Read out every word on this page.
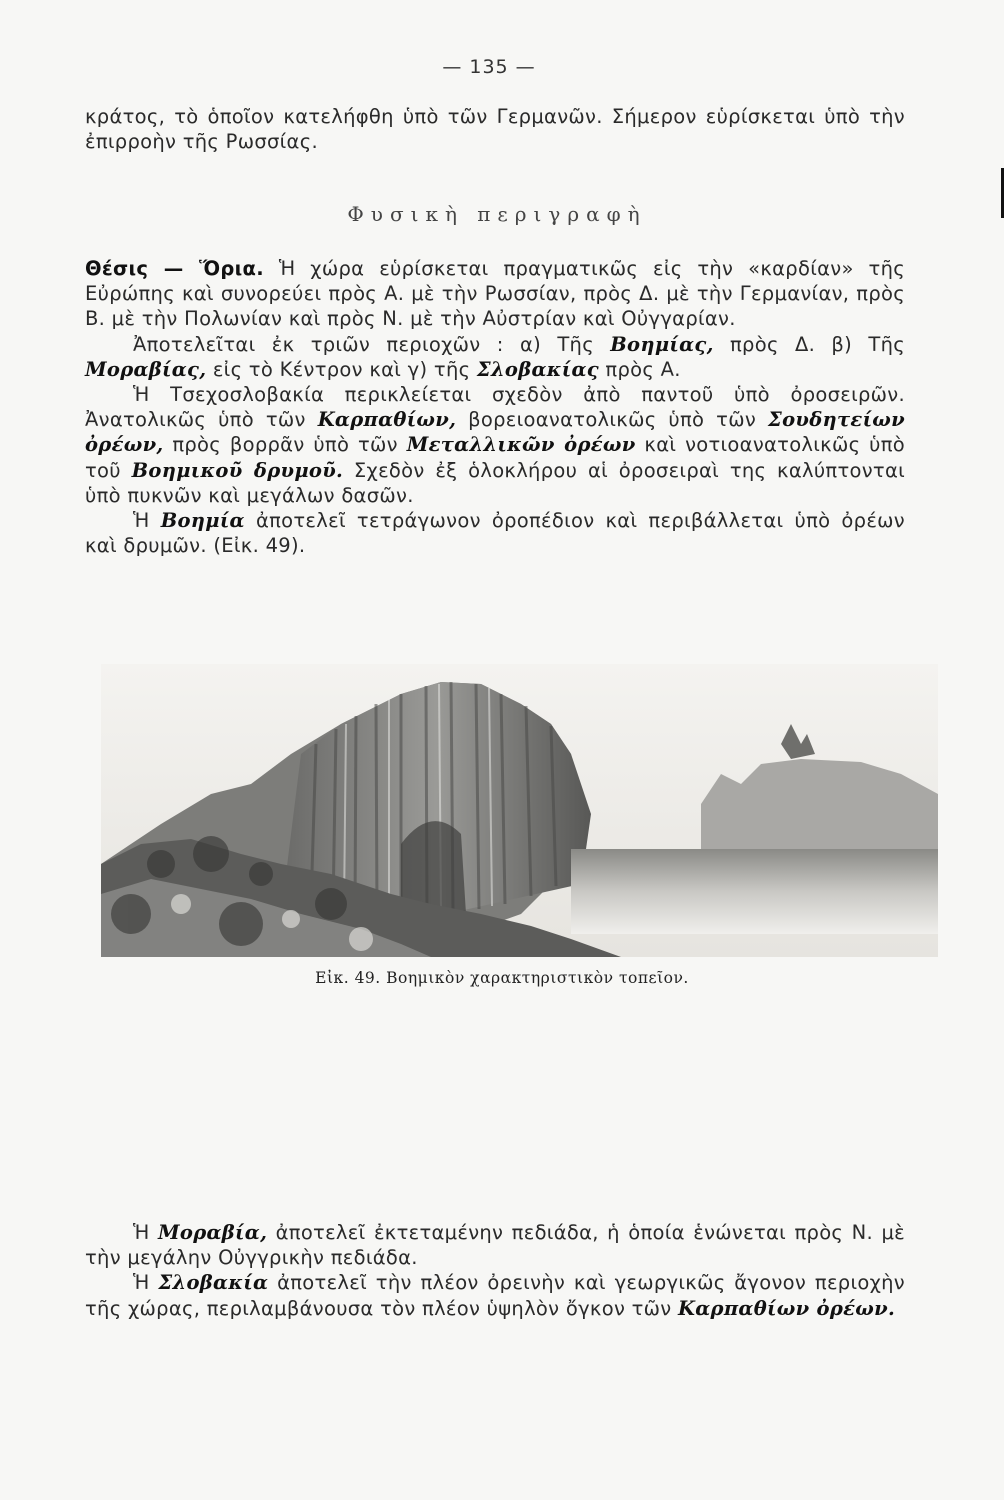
— 135 —

κράτος, τὸ ὁποῖον κατελήφθη ὑπὸ τῶν Γερμανῶν. Σήμερον εὑρίσκεται ὑπὸ τὴν ἐπιρροὴν τῆς Ρωσσίας.

Φυσικὴ περιγραφὴ

Θέσις — Ὅρια. Ἡ χώρα εὑρίσκεται πραγματικῶς εἰς τὴν «καρδίαν» τῆς Εὐρώπης καὶ συνορεύει πρὸς Α. μὲ τὴν Ρωσσίαν, πρὸς Δ. μὲ τὴν Γερμανίαν, πρὸς Β. μὲ τὴν Πολωνίαν καὶ πρὸς Ν. μὲ τὴν Αὐστρίαν καὶ Οὐγγαρίαν.

Ἀποτελεῖται ἐκ τριῶν περιοχῶν : α) Τῆς Βοημίας, πρὸς Δ. β) Τῆς Μοραβίας, εἰς τὸ Κέντρον καὶ γ) τῆς Σλοβακίας πρὸς Α.

Ἡ Τσεχοσλοβακία περικλείεται σχεδὸν ἀπὸ παντοῦ ὑπὸ ὀροσειρῶν. Ἀνατολικῶς ὑπὸ τῶν Καρπαθίων, βορειοανατολικῶς ὑπὸ τῶν Σουδητείων ὀρέων, πρὸς βορρᾶν ὑπὸ τῶν Μεταλλικῶν ὀρέων καὶ νοτιοανατολικῶς ὑπὸ τοῦ Βοημικοῦ δρυμοῦ. Σχεδὸν ἐξ ὁλοκλήρου αἱ ὀροσειραὶ της καλύπτονται ὑπὸ πυκνῶν καὶ μεγάλων δασῶν.

Ἡ Βοημία ἀποτελεῖ τετράγωνον ὀροπέδιον καὶ περιβάλλεται ὑπὸ ὀρέων καὶ δρυμῶν. (Εἰκ. 49).

Εἰκ. 49. Βοημικὸν χαρακτηριστικὸν τοπεῖον.

Ἡ Μοραβία, ἀποτελεῖ ἐκτεταμένην πεδιάδα, ἡ ὁποία ἑνώνεται πρὸς Ν. μὲ τὴν μεγάλην Οὐγγρικὴν πεδιάδα.

Ἡ Σλοβακία ἀποτελεῖ τὴν πλέον ὀρεινὴν καὶ γεωργικῶς ἄγονον περιοχὴν τῆς χώρας, περιλαμβάνουσα τὸν πλέον ὑψηλὸν ὄγκον τῶν Καρπαθίων ὀρέων.
